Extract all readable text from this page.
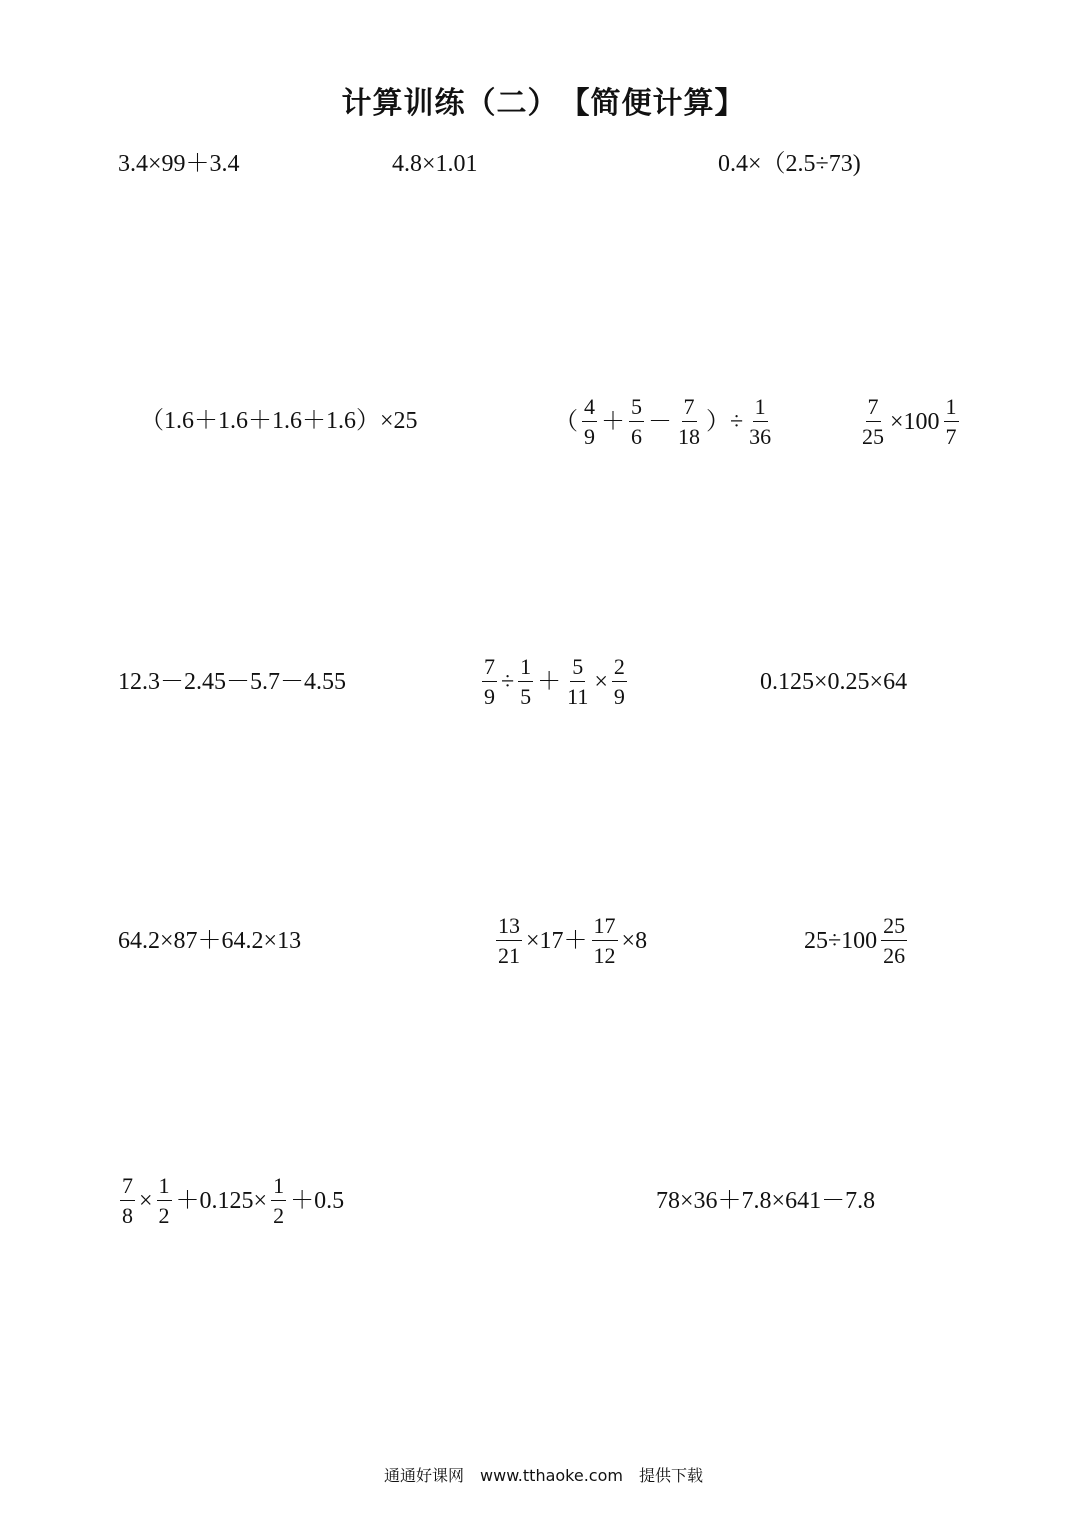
计算训练（二）　【简便计算】
3.4×99＋3.4	4.8×1.01	0.4×（2.5÷73)
（1.6＋1.6＋1.6＋1.6）×25	（ $\frac{4}{9} + \frac{5}{6} - \frac{7}{18}$ ）÷ $\frac{1}{36}$	$\frac{7}{25} \times 100 \frac{1}{7}$
12.3－2.45－5.7－4.55	$\frac{7}{9} \div \frac{1}{5} + \frac{5}{11} \times \frac{2}{9}$	0.125×0.25×64
64.2×87＋64.2×13	$\frac{13}{21} \times 17+ \frac{17}{12} \times 8$	$25\div 100 \frac{25}{26}$
$\frac{7}{8} \times \frac{1}{2} +0.125\times \frac{1}{2} +0.5$	78×36＋7.8×641－7.8
通通好课网　www.tthaoke.com　提供下载
